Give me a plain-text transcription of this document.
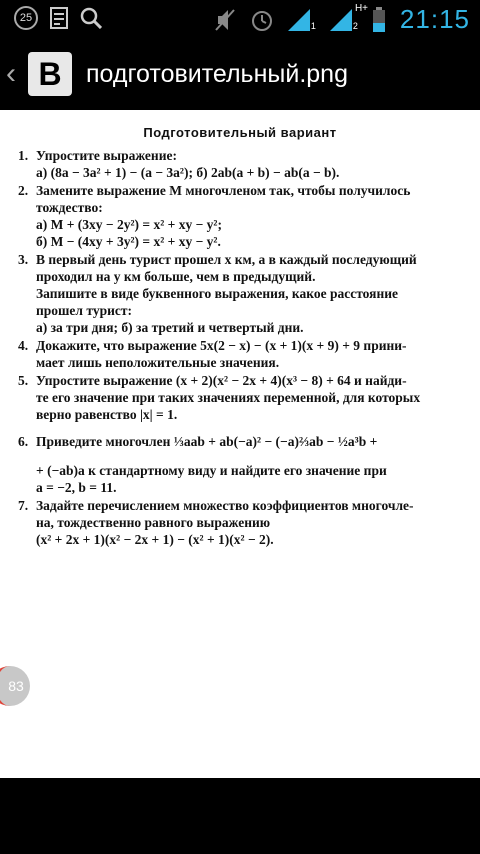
25
H+
1	2 21:15
‹ B подготовительный.png
Подготовительный вариант
1. Упростите выражение:
а) (8a − 3a² + 1) − (a − 3a²); б) 2ab(a + b) − ab(a − b).
2. Замените выражение M многочленом так, чтобы получилось
тождество:
а) M + (3xy − 2y²) = x² + xy − y²;
б) M − (4xy + 3y²) = x² + xy − y².
3. В первый день турист прошел x км, а в каждый последующий
проходил на y км больше, чем в предыдущий.
Запишите в виде буквенного выражения, какое расстояние
прошел турист:
а) за три дня; б) за третий и четвертый дни.
4. Докажите, что выражение 5x(2 − x) − (x + 1)(x + 9) + 9 прини-
мает лишь неположительные значения.
5. Упростите выражение (x + 2)(x² − 2x + 4)(x³ − 8) + 64 и найди-
те его значение при таких значениях переменной, для которых
верно равенство |x| = 1.
6. Приведите многочлен ⅓aab + ab(−a)² − (−a)⅔ab − ½a³b +
+ (−ab)a к стандартному виду и найдите его значение при
a = −2, b = 11.
7. Задайте перечислением множество коэффициентов многочле-
на, тождественно равного выражению
(x² + 2x + 1)(x² − 2x + 1) − (x² + 1)(x² − 2).
83
